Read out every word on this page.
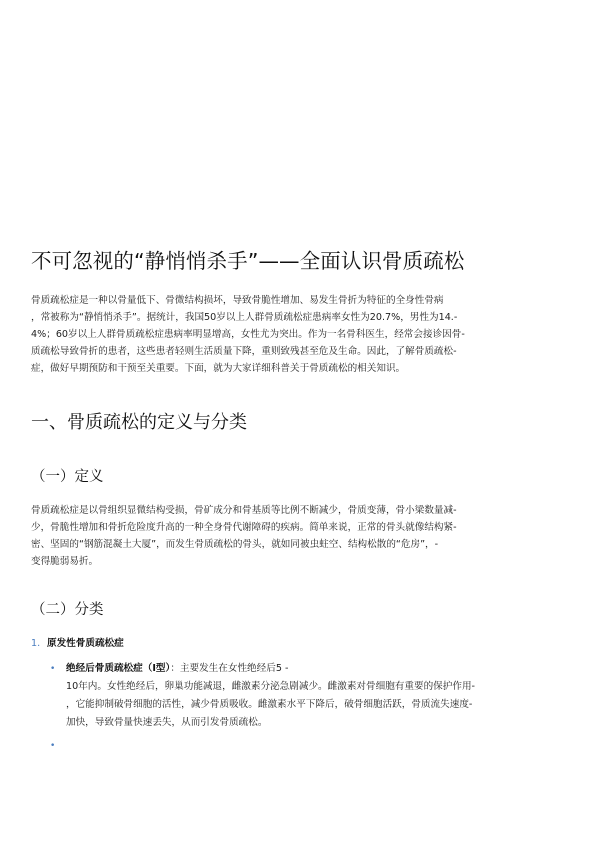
不可忽视的“静悄悄杀手”——全面认识骨质疏松
骨质疏松症是一种以骨量低下、骨微结构损坏，导致骨脆性增加、易发生骨折为特征的全身性骨病
，常被称为“静悄悄杀手”。据统计，我国50岁以上人群骨质疏松症患病率女性为20.7%，男性为14.-
4%；60岁以上人群骨质疏松症患病率明显增高，女性尤为突出。作为一名骨科医生，经常会接诊因骨-
质疏松导致骨折的患者，这些患者轻则生活质量下降，重则致残甚至危及生命。因此，了解骨质疏松-
症，做好早期预防和干预至关重要。下面，就为大家详细科普关于骨质疏松的相关知识。
一、骨质疏松的定义与分类
（一）定义
骨质疏松症是以骨组织显微结构受损，骨矿成分和骨基质等比例不断减少，骨质变薄，骨小梁数量减-
少，骨脆性增加和骨折危险度升高的一种全身骨代谢障碍的疾病。简单来说，正常的骨头就像结构紧-
密、坚固的“钢筋混凝土大厦”，而发生骨质疏松的骨头，就如同被虫蛀空、结构松散的“危房”，-
变得脆弱易折。
（二）分类
1. 原发性骨质疏松症
• 绝经后骨质疏松症（Ⅰ型）：主要发生在女性绝经后5 -
10年内。女性绝经后，卵巢功能减退，雌激素分泌急剧减少。雌激素对骨细胞有重要的保护作用-
，它能抑制破骨细胞的活性，减少骨质吸收。雌激素水平下降后，破骨细胞活跃，骨质流失速度-
加快，导致骨量快速丢失，从而引发骨质疏松。
•
